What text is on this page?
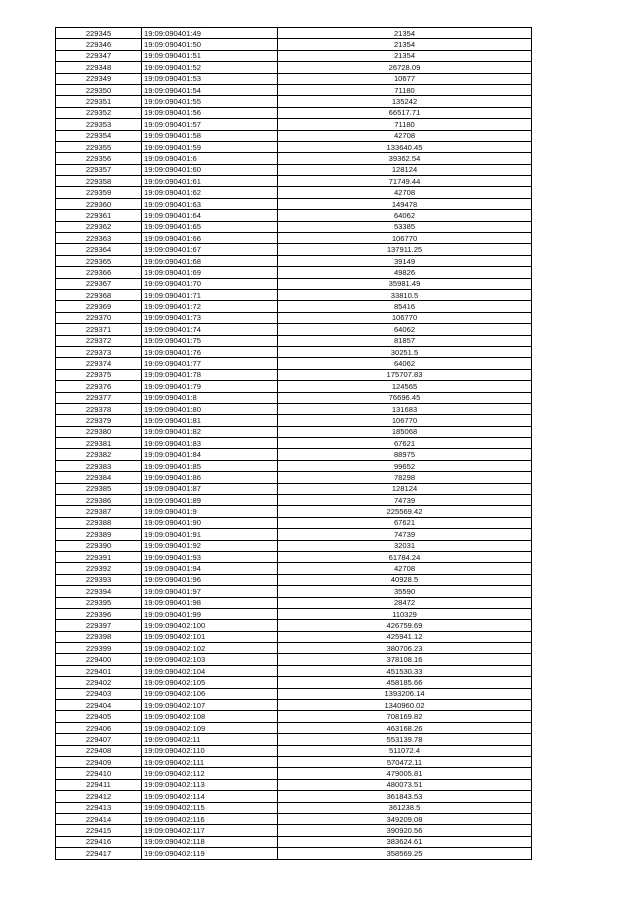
229345	19:09:090401:49	21354
229346	19:09:090401:50	21354
229347	19:09:090401:51	21354
229348	19:09:090401:52	26728.09
229349	19:09:090401:53	10677
229350	19:09:090401:54	71180
229351	19:09:090401:55	135242
229352	19:09:090401:56	66517.71
229353	19:09:090401:57	71180
229354	19:09:090401:58	42708
229355	19:09:090401:59	133640.45
229356	19:09:090401:6	39362.54
229357	19:09:090401:60	128124
229358	19:09:090401:61	71749.44
229359	19:09:090401:62	42708
229360	19:09:090401:63	149478
229361	19:09:090401:64	64062
229362	19:09:090401:65	53385
229363	19:09:090401:66	106770
229364	19:09:090401:67	137911.25
229365	19:09:090401:68	39149
229366	19:09:090401:69	49826
229367	19:09:090401:70	35981.49
229368	19:09:090401:71	33810.5
229369	19:09:090401:72	85416
229370	19:09:090401:73	106770
229371	19:09:090401:74	64062
229372	19:09:090401:75	81857
229373	19:09:090401:76	30251.5
229374	19:09:090401:77	64062
229375	19:09:090401:78	175707.83
229376	19:09:090401:79	124565
229377	19:09:090401:8	76696.45
229378	19:09:090401:80	131683
229379	19:09:090401:81	106770
229380	19:09:090401:82	185068
229381	19:09:090401:83	67621
229382	19:09:090401:84	88975
229383	19:09:090401:85	99652
229384	19:09:090401:86	78298
229385	19:09:090401:87	128124
229386	19:09:090401:89	74739
229387	19:09:090401:9	225569.42
229388	19:09:090401:90	67621
229389	19:09:090401:91	74739
229390	19:09:090401:92	32031
229391	19:09:090401:93	61784.24
229392	19:09:090401:94	42708
229393	19:09:090401:96	40928.5
229394	19:09:090401:97	35590
229395	19:09:090401:98	28472
229396	19:09:090401:99	110329
229397	19:09:090402:100	426759.69
229398	19:09:090402:101	425941.12
229399	19:09:090402:102	380706.23
229400	19:09:090402:103	378108.16
229401	19:09:090402:104	451530.33
229402	19:09:090402:105	458185.66
229403	19:09:090402:106	1393206.14
229404	19:09:090402:107	1340960.02
229405	19:09:090402:108	708169.82
229406	19:09:090402:109	463168.26
229407	19:09:090402:11	553139.78
229408	19:09:090402:110	511072.4
229409	19:09:090402:111	570472.11
229410	19:09:090402:112	479005.81
229411	19:09:090402:113	480073.51
229412	19:09:090402:114	361843.53
229413	19:09:090402:115	361238.5
229414	19:09:090402:116	349209.08
229415	19:09:090402:117	390920.56
229416	19:09:090402:118	383624.61
229417	19:09:090402:119	358569.25
